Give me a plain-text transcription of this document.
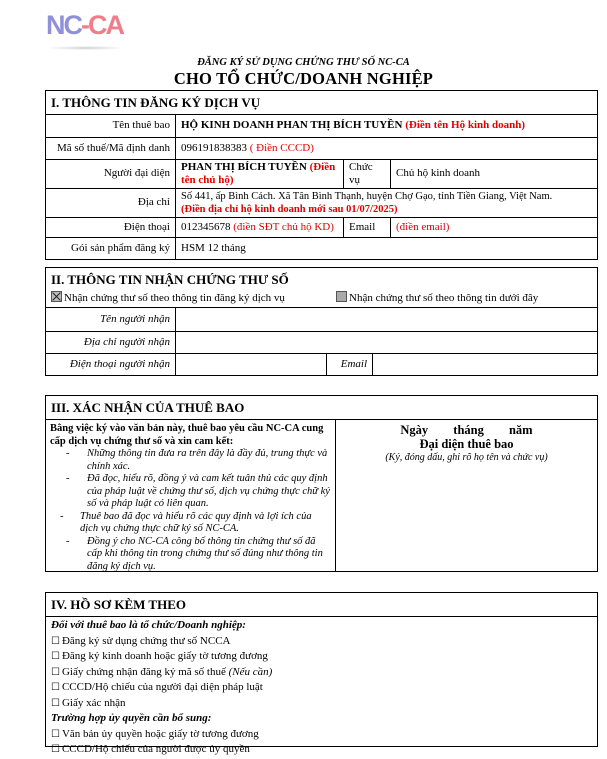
NC-CA
ĐĂNG KÝ SỬ DỤNG CHỨNG THƯ SỐ NC-CA
CHO TỔ CHỨC/DOANH NGHIỆP
I. THÔNG TIN ĐĂNG KÝ DỊCH VỤ
Tên thuê bao	HỘ KINH DOANH PHAN THỊ BÍCH TUYỀN (Điền tên Hộ kinh doanh)		
Mã số thuế/Mã định danh	096191838383 ( Điền CCCD)		
Người đại diện	PHAN THỊ BÍCH TUYỀN (Điền tên chủ hộ)	Chức vụ	Chủ hộ kinh doanh
Địa chỉ	Số 441, ấp Bình Cách. Xã Tân Bình Thạnh, huyện Chợ Gạo, tỉnh Tiền Giang, Việt Nam.
(Điền địa chỉ hộ kinh doanh mới sau 01/07/2025)		

Điện thoại	012345678 (điền SĐT chủ hộ KD)	Email	(điền email)
Gói sản phẩm đăng ký	HSM 12 tháng		
II. THÔNG TIN NHẬN CHỨNG THƯ SỐ
Nhận chứng thư số theo thông tin đăng ký dịch vụ	Nhận chứng thư số theo thông tin dưới đây
Tên người nhận			
Địa chỉ người nhận			
Điện thoại người nhận		Email	
III. XÁC NHẬN CỦA THUÊ BAO
Bằng việc ký vào văn bản này, thuê bao yêu cầu NC-CA cung cấp dịch vụ chứng thư số và xin cam kết:
- Những thông tin đưa ra trên đây là đầy đủ, trung thực và chính xác.
- Đã đọc, hiểu rõ, đồng ý và cam kết tuân thủ các quy định của pháp luật về chứng thư số, dịch vụ chứng thực chữ ký số và pháp luật có liên quan.
- Thuê bao đã đọc và hiểu rõ các quy định và lợi ích của dịch vụ chứng thực chữ ký số NC-CA.
- Đồng ý cho NC-CA công bố thông tin chứng thư số đã cấp khi thông tin trong chứng thư số đúng như thông tin đăng ký dịch vụ.
Ngày tháng năm
Đại diện thuê bao
(Ký, đóng dấu, ghi rõ họ tên và chức vụ)
IV. HỒ SƠ KÈM THEO
Đối với thuê bao là tổ chức/Doanh nghiệp:
☐ Đăng ký sử dụng chứng thư số NCCA
☐ Đăng ký kinh doanh hoặc giấy tờ tương đương
☐ Giấy chứng nhận đăng ký mã số thuế (Nếu cần)
☐ CCCD/Hộ chiếu của người đại diện pháp luật
☐ Giấy xác nhận
Trường hợp ủy quyền cần bổ sung:
☐ Văn bản ủy quyền hoặc giấy tờ tương đương
☐ CCCD/Hộ chiếu của người được ủy quyền
